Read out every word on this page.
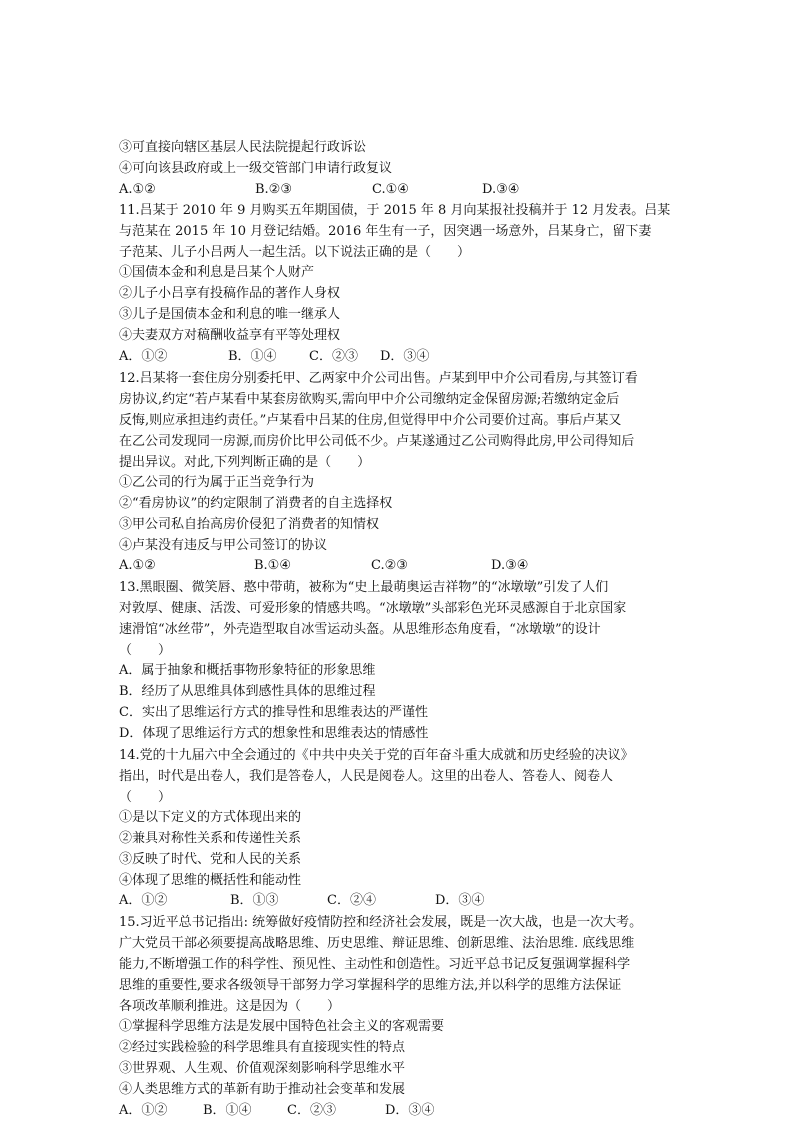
③可直接向辖区基层人民法院提起行政诉讼
④可向该县政府或上一级交管部门申请行政复议
A.①②	B.②③	C.①④	D.③④
11.吕某于 2010 年 9 月购买五年期国债，于 2015 年 8 月向某报社投稿并于 12 月发表。吕某
与范某在 2015 年 10 月登记结婚。2016 年生有一子，因突遇一场意外，吕某身亡，留下妻
子范某、儿子小吕两人一起生活。以下说法正确的是（　　）
①国债本金和利息是吕某个人财产
②儿子小吕享有投稿作品的著作人身权
③儿子是国债本金和利息的唯一继承人
④夫妻双方对稿酬收益享有平等处理权
A．①②	B．①④	C．②③	D．③④
12.吕某将一套住房分别委托甲、乙两家中介公司出售。卢某到甲中介公司看房,与其签订看
房协议,约定“若卢某看中某套房欲购买,需向甲中介公司缴纳定金保留房源;若缴纳定金后
反悔,则应承担违约责任。”卢某看中吕某的住房,但觉得甲中介公司要价过高。事后卢某又
在乙公司发现同一房源,而房价比甲公司低不少。卢某遂通过乙公司购得此房,甲公司得知后
提出异议。对此,下列判断正确的是（　　）
①乙公司的行为属于正当竞争行为
②“看房协议”的约定限制了消费者的自主选择权
③甲公司私自抬高房价侵犯了消费者的知情权
④卢某没有违反与甲公司签订的协议
A.①②	B.①④	C.②③	D.③④
13.黑眼圈、微笑唇、憨中带萌，被称为“史上最萌奥运吉祥物”的“冰墩墩”引发了人们
对敦厚、健康、活泼、可爱形象的情感共鸣。“冰墩墩”头部彩色光环灵感源自于北京国家
速滑馆“冰丝带”，外壳造型取自冰雪运动头盔。从思维形态角度看，“冰墩墩”的设计
（　　）
A．属于抽象和概括事物形象特征的形象思维
B．经历了从思维具体到感性具体的思维过程
C．实出了思维运行方式的推导性和思维表达的严谨性
D．体现了思维运行方式的想象性和思维表达的情感性
14.党的十九届六中全会通过的《中共中央关于党的百年奋斗重大成就和历史经验的决议》
指出，时代是出卷人，我们是答卷人，人民是阅卷人。这里的出卷人、答卷人、阅卷人
（　　）
①是以下定义的方式体现出来的
②兼具对称性关系和传递性关系
③反映了时代、党和人民的关系
④体现了思维的概括性和能动性
A．①②	B．①③	C．②④	D．③④
15.习近平总书记指出: 统筹做好疫情防控和经济社会发展，既是一次大战，也是一次大考。
广大党员干部必须要提高战略思维、历史思维、辩证思维、创新思维、法治思维. 底线思维
能力,不断增强工作的科学性、预见性、主动性和创造性。习近平总书记反复强调掌握科学
思维的重要性,要求各级领导干部努力学习掌握科学的思维方法,并以科学的思维方法保证
各项改革顺利推进。这是因为（　　）
①掌握科学思维方法是发展中国特色社会主义的客观需要
②经过实践检验的科学思维具有直接现实性的特点
③世界观、人生观、价值观深刻影响科学思维水平
④人类思维方式的革新有助于推动社会变革和发展
A．①②	B．①④	C．②③	D．③④
